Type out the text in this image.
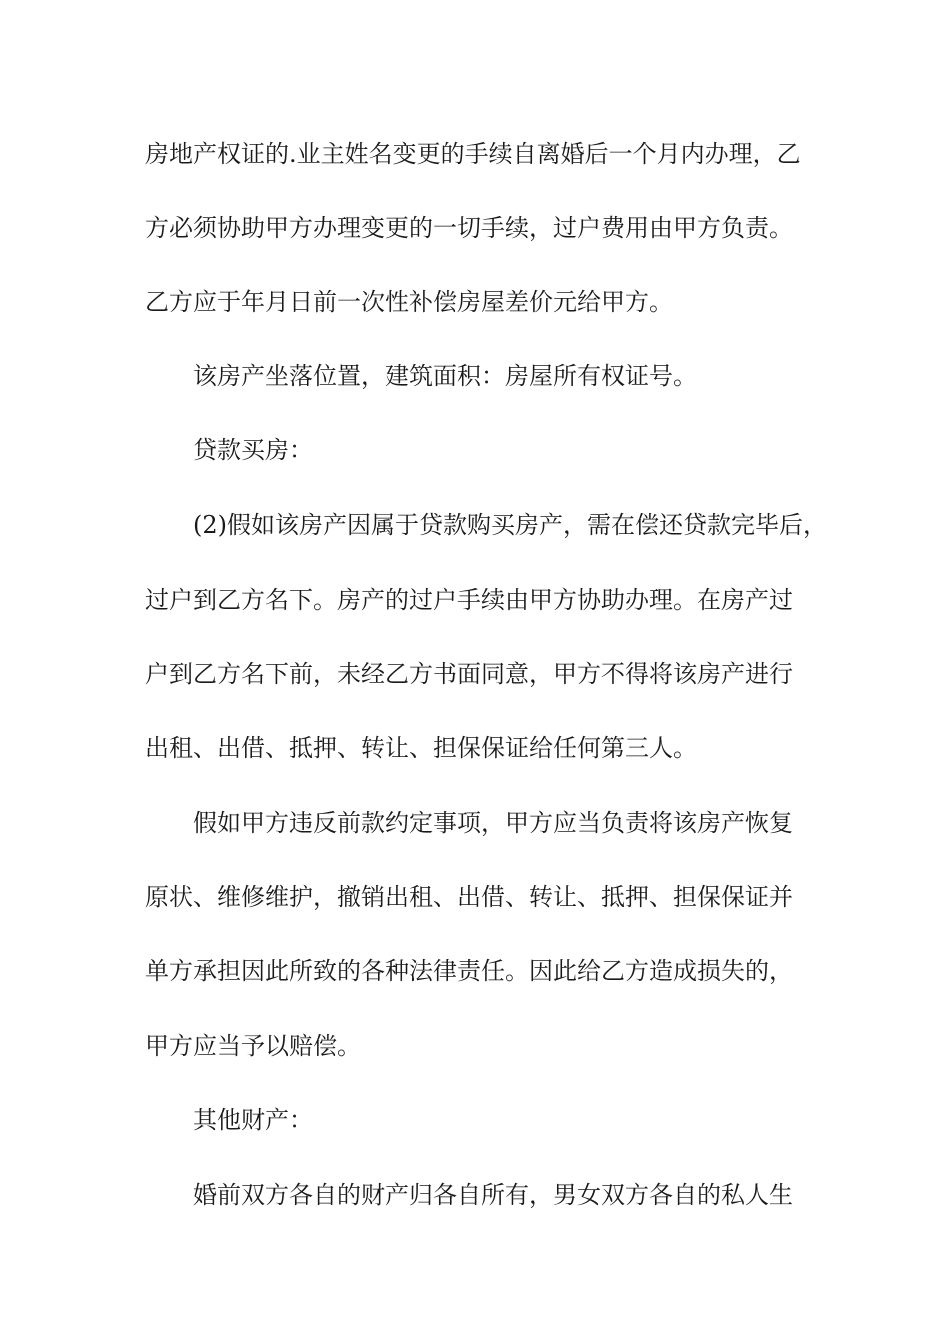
房地产权证的.业主姓名变更的手续自离婚后一个月内办理，乙
方必须协助甲方办理变更的一切手续，过户费用由甲方负责。
乙方应于年月日前一次性补偿房屋差价元给甲方。
该房产坐落位置，建筑面积：房屋所有权证号。
贷款买房：
(2)假如该房产因属于贷款购买房产，需在偿还贷款完毕后，
过户到乙方名下。房产的过户手续由甲方协助办理。在房产过
户到乙方名下前，未经乙方书面同意，甲方不得将该房产进行
出租、出借、抵押、转让、担保保证给任何第三人。
假如甲方违反前款约定事项，甲方应当负责将该房产恢复
原状、维修维护，撤销出租、出借、转让、抵押、担保保证并
单方承担因此所致的各种法律责任。因此给乙方造成损失的，
甲方应当予以赔偿。
其他财产：
婚前双方各自的财产归各自所有，男女双方各自的私人生
